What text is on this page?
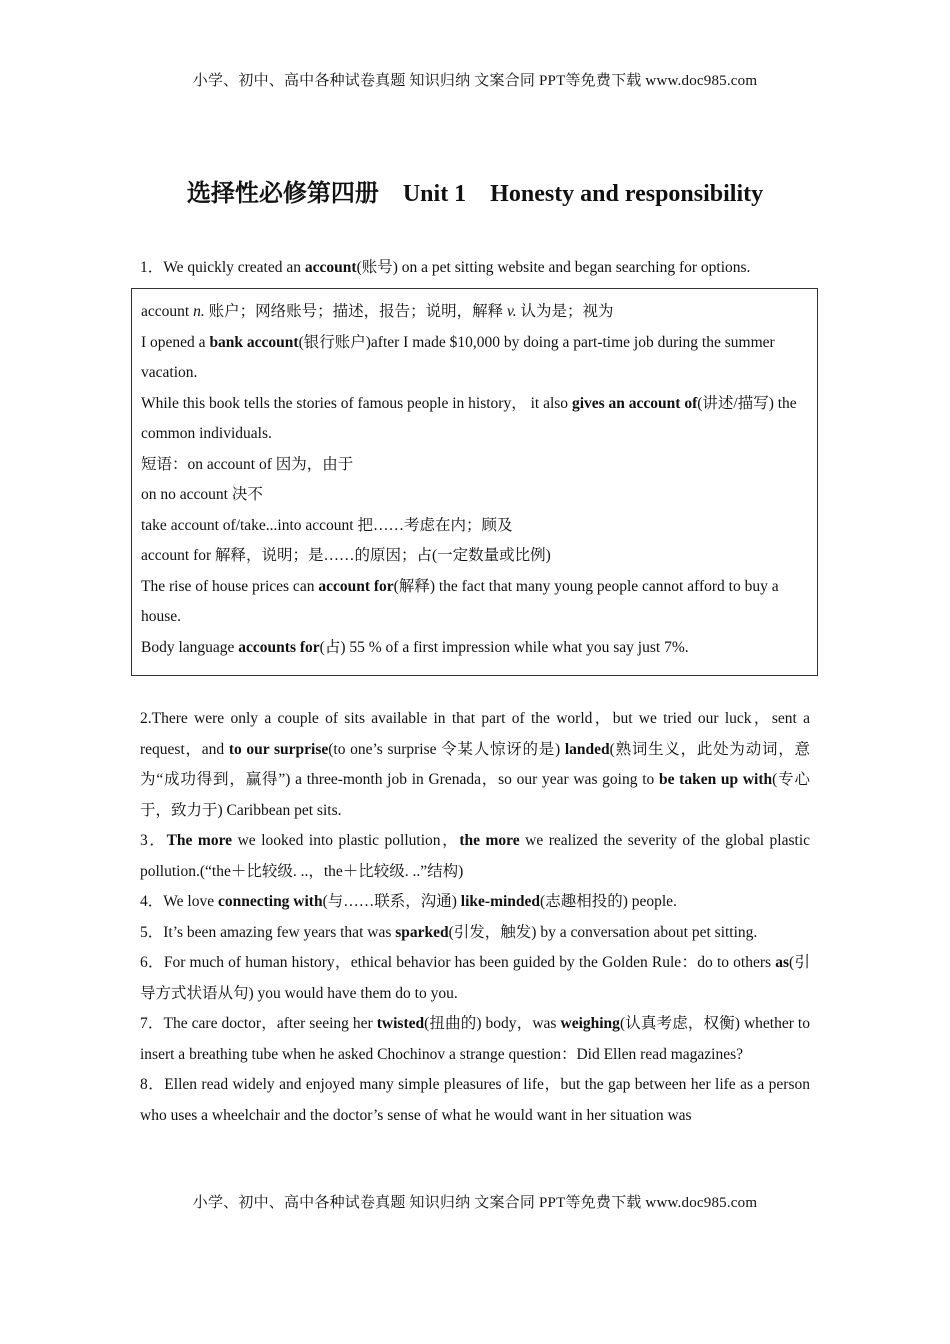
小学、初中、高中各种试卷真题 知识归纳 文案合同 PPT等免费下载 www.doc985.com
选择性必修第四册　Unit 1　Honesty and responsibility
1．We quickly created an account(账号) on a pet sitting website and began searching for options.
account n. 账户；网络账号；描述，报告；说明，解释 v. 认为是；视为
I opened a bank account(银行账户)after I made $10,000 by doing a part-time job during the summer vacation.
While this book tells the stories of famous people in history， it also gives an account of(讲述/描写) the common individuals.
短语：on account of 因为，由于
on no account 决不
take account of/take...into account 把……考虑在内；顾及
account for 解释，说明；是……的原因；占(一定数量或比例)
The rise of house prices can account for(解释) the fact that many young people cannot afford to buy a house.
Body language accounts for(占) 55 % of a first impression while what you say just 7%.

2.There were only a couple of sits available in that part of the world，but we tried our luck，sent a request，and to our surprise(to one’s surprise 令某人惊讶的是) landed(熟词生义，此处为动词，意为“成功得到，赢得”) a three-month job in Grenada，so our year was going to be taken up with(专心于，致力于) Caribbean pet sits.

3．The more we looked into plastic pollution，the more we realized the severity of the global plastic pollution.(“the＋比较级. ..，the＋比较级. ..”结构)

4．We love connecting with(与……联系，沟通) like-minded(志趣相投的) people.

5．It’s been amazing few years that was sparked(引发，触发) by a conversation about pet sitting.

6．For much of human history，ethical behavior has been guided by the Golden Rule：do to others as(引导方式状语从句) you would have them do to you.

7．The care doctor，after seeing her twisted(扭曲的) body，was weighing(认真考虑，权衡) whether to insert a breathing tube when he asked Chochinov a strange question：Did Ellen read magazines?

8．Ellen read widely and enjoyed many simple pleasures of life，but the gap between her life as a person who uses a wheelchair and the doctor’s sense of what he would want in her situation was

小学、初中、高中各种试卷真题 知识归纳 文案合同 PPT等免费下载 www.doc985.com
